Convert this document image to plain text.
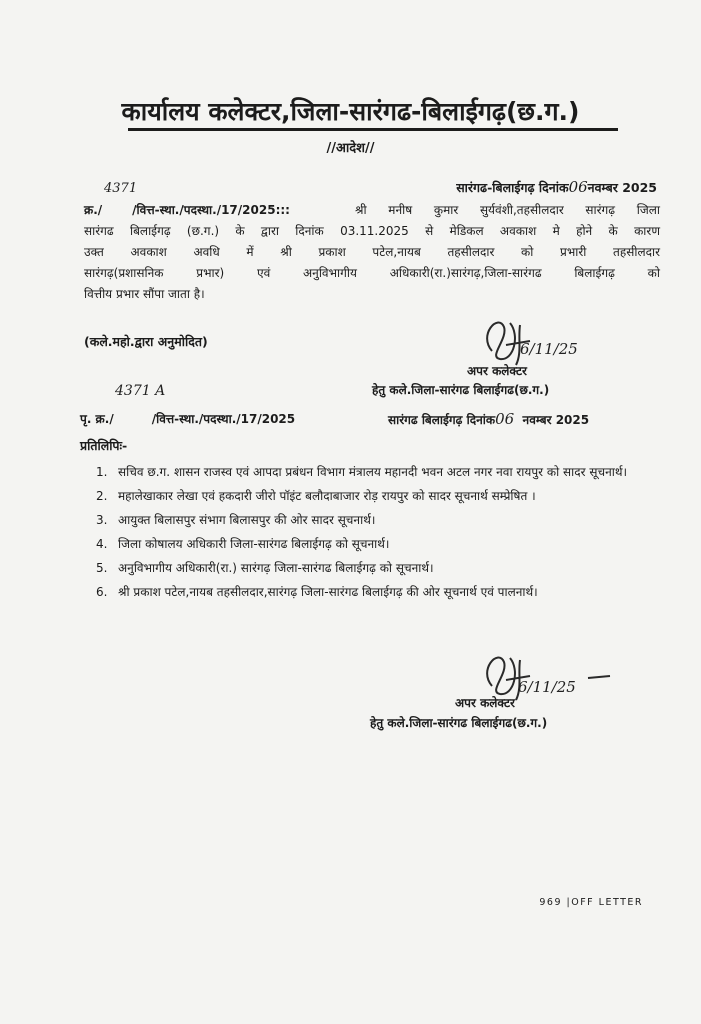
कार्यालय कलेक्टर,जिला-सारंगढ-बिलाईगढ़(छ.ग.)
//आदेश//
सारंगढ-बिलाईगढ़ दिनांक06नवम्बर 2025
4371
क्र./	/वित्त-स्था./पदस्था./17/2025:::	श्री मनीष कुमार सुर्यवंशी,तहसीलदार सारंगढ़ जिला
सारंगढ बिलाईगढ़ (छ.ग.) के द्वारा दिनांक 03.11.2025 से मेडिकल अवकाश मे होने के कारण
उक्त अवकाश अवधि में श्री प्रकाश पटेल,नायब तहसीलदार को प्रभारी तहसीलदार
सारंगढ़(प्रशासनिक प्रभार) एवं अनुविभागीय अधिकारी(रा.)सारंगढ़,जिला-सारंगढ बिलाईगढ़ को
वित्तीय प्रभार सौंपा जाता है।
(कले.महो.द्वारा अनुमोदित)	6/11/25
अपर कलेक्टर
हेतु कले.जिला-सारंगढ बिलाईगढ(छ.ग.)
4371 A
पृ. क्र./	/वित्त-स्था./पदस्था./17/2025	सारंगढ बिलाईगढ़ दिनांक06 नवम्बर 2025
प्रतिलिपिः-
1. सचिव छ.ग. शासन राजस्व एवं आपदा प्रबंधन विभाग मंत्रालय महानदी भवन अटल नगर नवा रायपुर को सादर सूचनार्थ।
2. महालेखाकार लेखा एवं हकदारी जीरो पॉइंट बलौदाबाजार रोड़ रायपुर को सादर सूचनार्थ सम्प्रेषित ।
3. आयुक्त बिलासपुर संभाग बिलासपुर की ओर सादर सूचनार्थ।
4. जिला कोषालय अधिकारी जिला-सारंगढ बिलाईगढ़ को सूचनार्थ।
5. अनुविभागीय अधिकारी(रा.) सारंगढ़ जिला-सारंगढ बिलाईगढ़ को सूचनार्थ।
6. श्री प्रकाश पटेल,नायब तहसीलदार,सारंगढ़ जिला-सारंगढ बिलाईगढ़ की ओर सूचनार्थ एवं पालनार्थ।
6/11/25
अपर कलेक्टर
हेतु कले.जिला-सारंगढ बिलाईगढ(छ.ग.)
969 |OFF LETTER
